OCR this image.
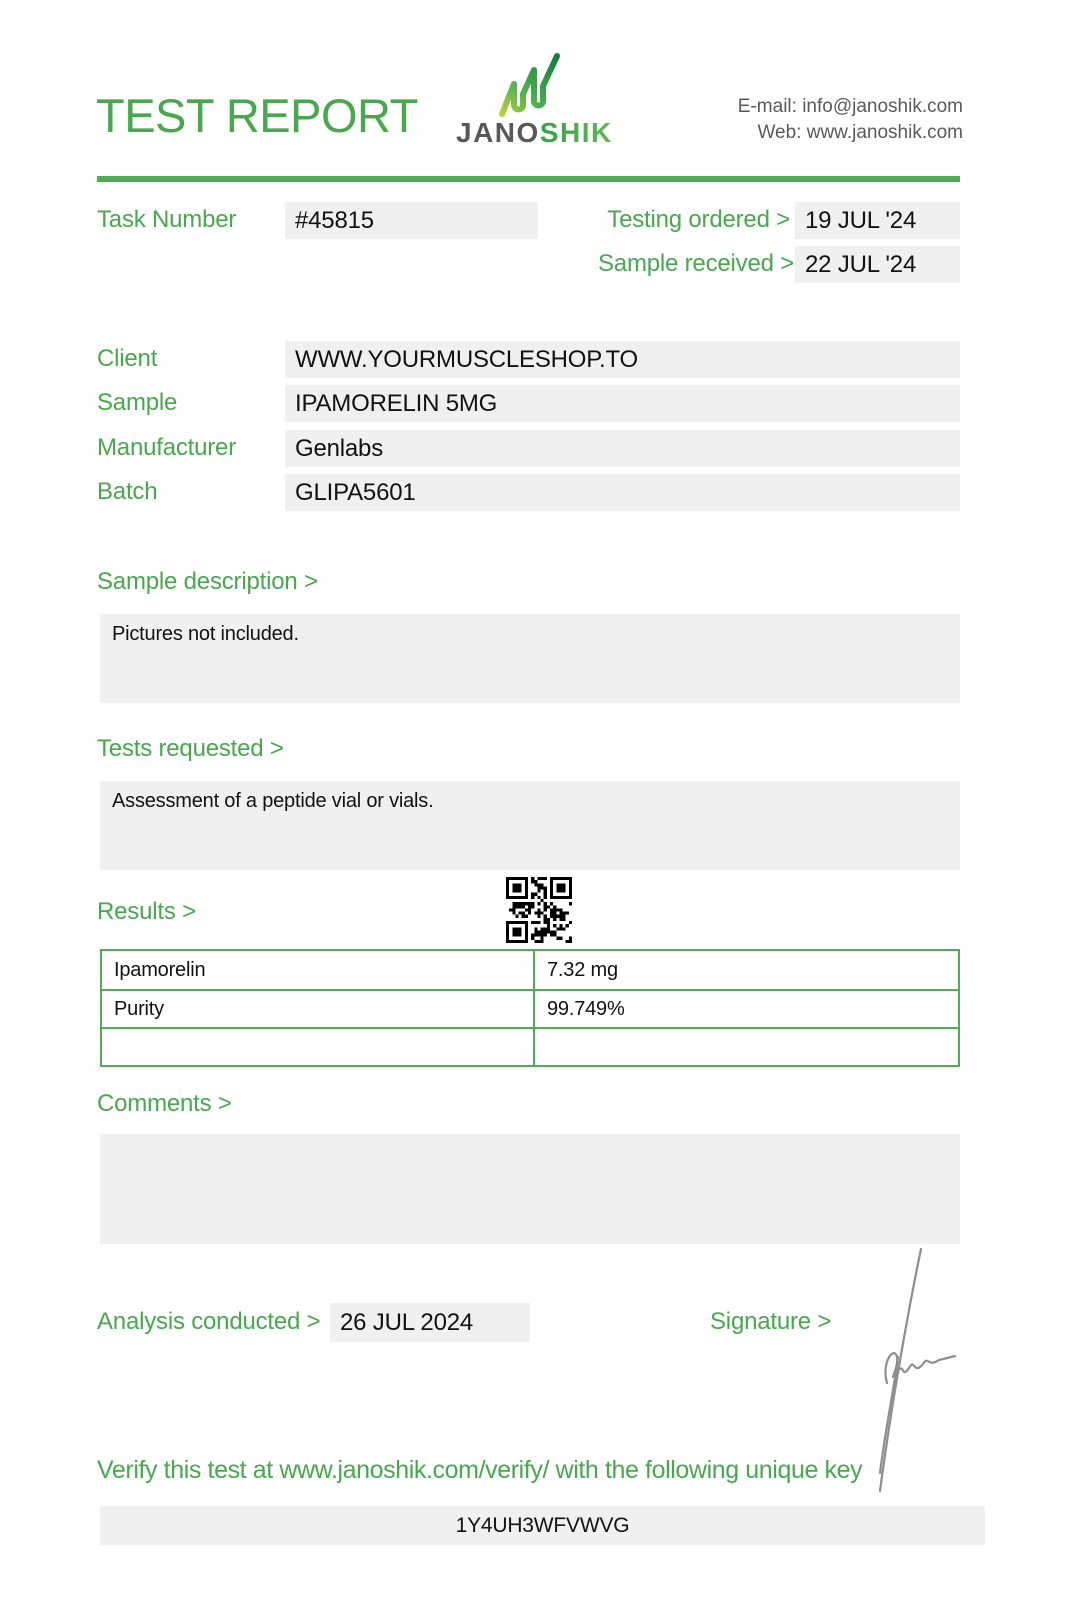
TEST REPORT JANOSHIK
E-mail: info@janoshik.com
Web: www.janoshik.com
Task Number	#45815	Testing ordered > 19 JUL '24
Sample received > 22 JUL '24
Client	WWW.YOURMUSCLESHOP.TO
Sample	IPAMORELIN 5MG
Manufacturer	Genlabs
Batch	GLIPA5601
Sample description >
Pictures not included.
Tests requested >
Assessment of a peptide vial or vials.
Results >
Ipamorelin	7.32 mg
Purity	99.749%
Comments >
Analysis conducted > 26 JUL 2024	Signature >
Verify this test at www.janoshik.com/verify/ with the following unique key
1Y4UH3WFVWVG
